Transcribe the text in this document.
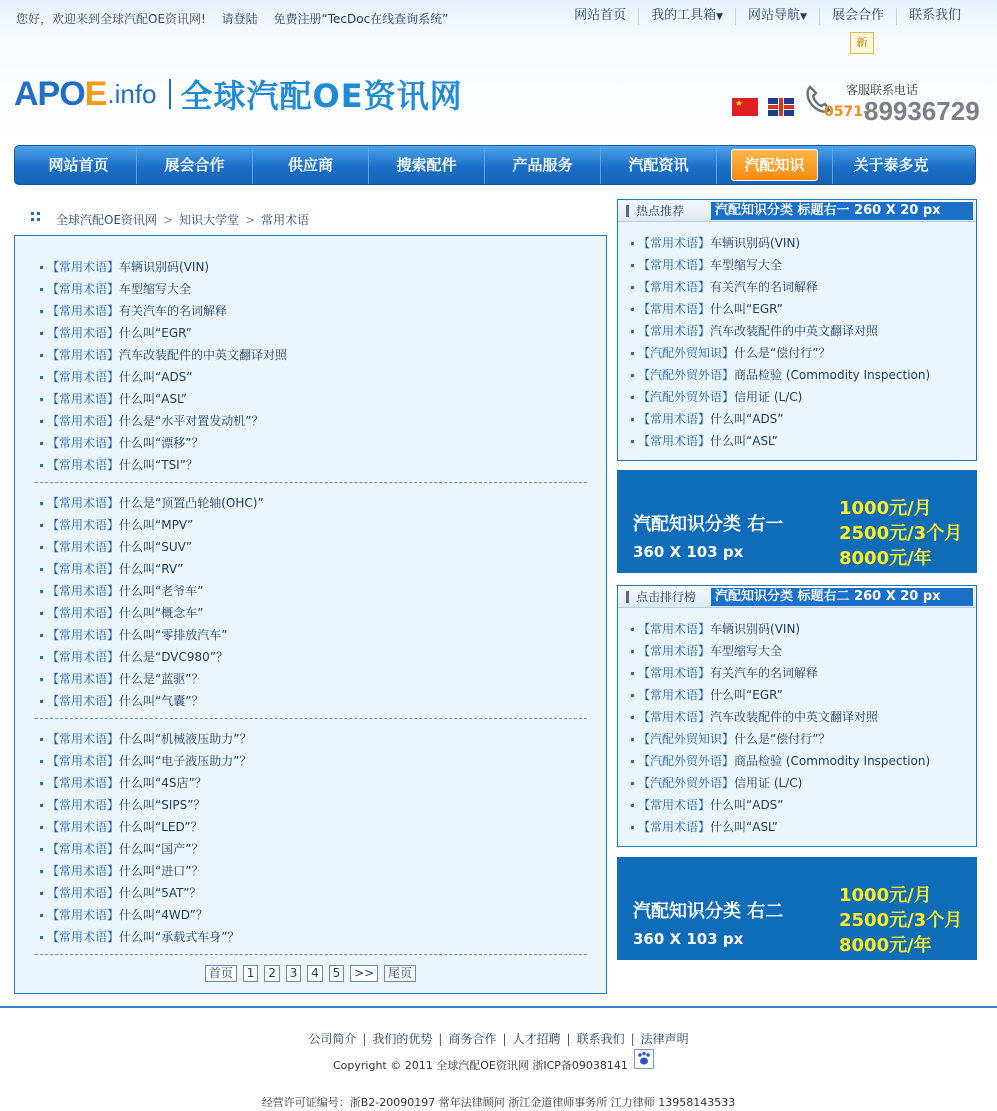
您好，欢迎来到全球汽配OE资讯网! 请登陆 免费注册“TecDoc在线查询系统”	网站首页	我的工具箱▼	网站导航▼	展会合作	联系我们
新
APOE .info 全球汽配OE资讯网
★	客服联系电话
0571-
89936729
网站首页	展会合作	供应商	搜索配件	产品服务	汽配资讯	汽配知识	关于泰多克
全球汽配OE资讯网 > 知识大学堂 > 常用术语
【常用术语】车辆识别码(VIN)
【常用术语】车型缩写大全
【常用术语】有关汽车的名词解释
【常用术语】什么叫“EGR”
【常用术语】汽车改装配件的中英文翻译对照
【常用术语】什么叫“ADS”
【常用术语】什么叫“ASL”
【常用术语】什么是“水平对置发动机”？
【常用术语】什么叫“漂移”？
【常用术语】什么叫“TSI”？
【常用术语】什么是“顶置凸轮轴(OHC)”
【常用术语】什么叫“MPV”
【常用术语】什么叫“SUV”
【常用术语】什么叫“RV”
【常用术语】什么叫“老爷车”
【常用术语】什么叫“概念车”
【常用术语】什么叫“零排放汽车”
【常用术语】什么是“DVC980”？
【常用术语】什么是“蓝驱”？
【常用术语】什么叫“气囊”？
【常用术语】什么叫“机械液压助力”？
【常用术语】什么叫“电子液压助力”？
【常用术语】什么叫“4S店”？
【常用术语】什么叫“SIPS”？
【常用术语】什么叫“LED”？
【常用术语】什么叫“国产”？
【常用术语】什么叫“进口”？
【常用术语】什么叫“5AT”？
【常用术语】什么叫“4WD”？
【常用术语】什么叫“承载式车身”？
首页 1 2 3 4 5 >> 尾页
热点推荐	汽配知识分类 标题右一 260 X 20 px
【常用术语】车辆识别码(VIN)
【常用术语】车型缩写大全
【常用术语】有关汽车的名词解释
【常用术语】什么叫“EGR”
【常用术语】汽车改装配件的中英文翻译对照
【汽配外贸知识】什么是“偿付行”？
【汽配外贸外语】商品检验 (Commodity Inspection)
【汽配外贸外语】信用证 (L/C)
【常用术语】什么叫“ADS”
【常用术语】什么叫“ASL”
汽配知识分类 右一
360 X 103 px
1000元/月
2500元/3个月
8000元/年
点击排行榜	汽配知识分类 标题右二 260 X 20 px
【常用术语】车辆识别码(VIN)
【常用术语】车型缩写大全
【常用术语】有关汽车的名词解释
【常用术语】什么叫“EGR”
【常用术语】汽车改装配件的中英文翻译对照
【汽配外贸知识】什么是“偿付行”？
【汽配外贸外语】商品检验 (Commodity Inspection)
【汽配外贸外语】信用证 (L/C)
【常用术语】什么叫“ADS”
【常用术语】什么叫“ASL”
汽配知识分类 右二
360 X 103 px
1000元/月
2500元/3个月
8000元/年
公司简介 | 我们的优势 | 商务合作 | 人才招聘 | 联系我们 | 法律声明
Copyright © 2011 全球汽配OE资讯网 浙ICP备09038141
经营许可证编号：浙B2-20090197 常年法律顾问 浙江金道律师事务所 江力律师 13958143533
